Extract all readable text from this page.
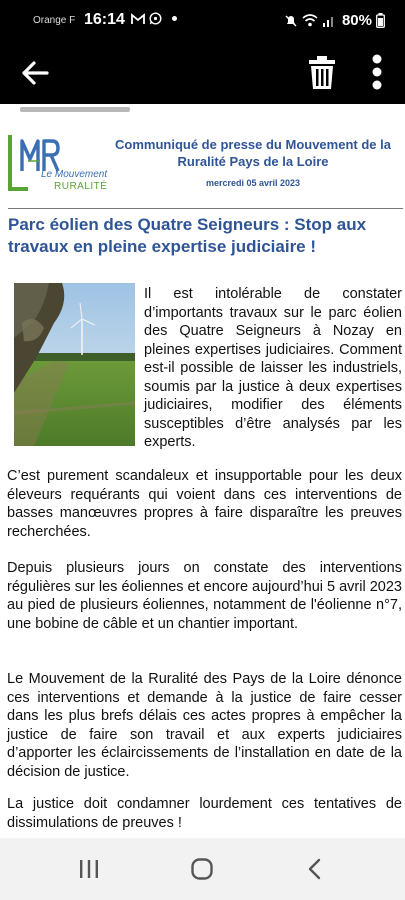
Orange F 16:14	80%
Le Mouvement
RURALITÉ
Communiqué de presse du Mouvement de la Ruralité Pays de la Loire
mercredi 05 avril 2023
Parc éolien des Quatre Seigneurs : Stop aux travaux en pleine expertise judiciaire !

Il est intolérable de constater d’importants travaux sur le parc éolien des Quatre Seigneurs à Nozay en pleines expertises judiciaires. Comment est-il possible de laisser les industriels, soumis par la justice à deux expertises judiciaires, modifier des éléments susceptibles d’être analysés par les experts.

C’est purement scandaleux et insupportable pour les deux éleveurs requérants qui voient dans ces interventions de basses manœuvres propres à faire disparaître les preuves recherchées.

Depuis plusieurs jours on constate des interventions régulières sur les éoliennes et encore aujourd’hui 5 avril 2023 au pied de plusieurs éoliennes, notamment de l'éolienne n°7, une bobine de câble et un chantier important.

Le Mouvement de la Ruralité des Pays de la Loire dénonce ces interventions et demande à la justice de faire cesser dans les plus brefs délais ces actes propres à empêcher la justice de faire son travail et aux experts judiciaires d’apporter les éclaircissements de l’installation en date de la décision de justice.

La justice doit condamner lourdement ces tentatives de dissimulations de preuves !
